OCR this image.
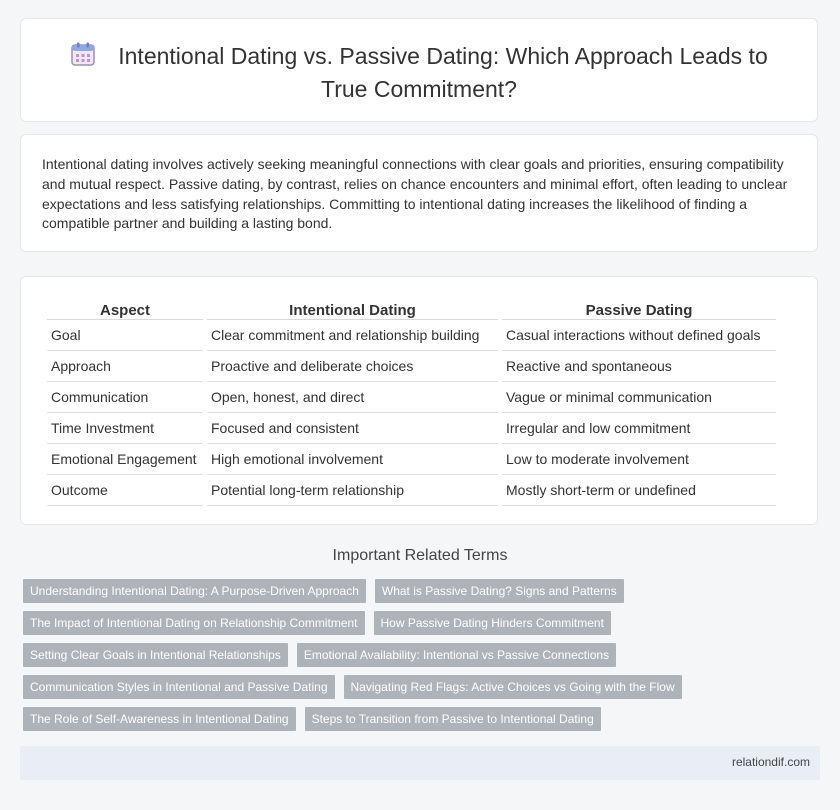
Intentional Dating vs. Passive Dating: Which Approach Leads to True Commitment?
Intentional dating involves actively seeking meaningful connections with clear goals and priorities, ensuring compatibility and mutual respect. Passive dating, by contrast, relies on chance encounters and minimal effort, often leading to unclear expectations and less satisfying relationships. Committing to intentional dating increases the likelihood of finding a compatible partner and building a lasting bond.
Aspect	Intentional Dating	Passive Dating
Goal	Clear commitment and relationship building	Casual interactions without defined goals
Approach	Proactive and deliberate choices	Reactive and spontaneous
Communication	Open, honest, and direct	Vague or minimal communication
Time Investment	Focused and consistent	Irregular and low commitment
Emotional Engagement	High emotional involvement	Low to moderate involvement
Outcome	Potential long-term relationship	Mostly short-term or undefined
Important Related Terms
Understanding Intentional Dating: A Purpose-Driven Approach	What is Passive Dating? Signs and Patterns
The Impact of Intentional Dating on Relationship Commitment	How Passive Dating Hinders Commitment
Setting Clear Goals in Intentional Relationships	Emotional Availability: Intentional vs Passive Connections
Communication Styles in Intentional and Passive Dating	Navigating Red Flags: Active Choices vs Going with the Flow
The Role of Self-Awareness in Intentional Dating	Steps to Transition from Passive to Intentional Dating
relationdif.com
